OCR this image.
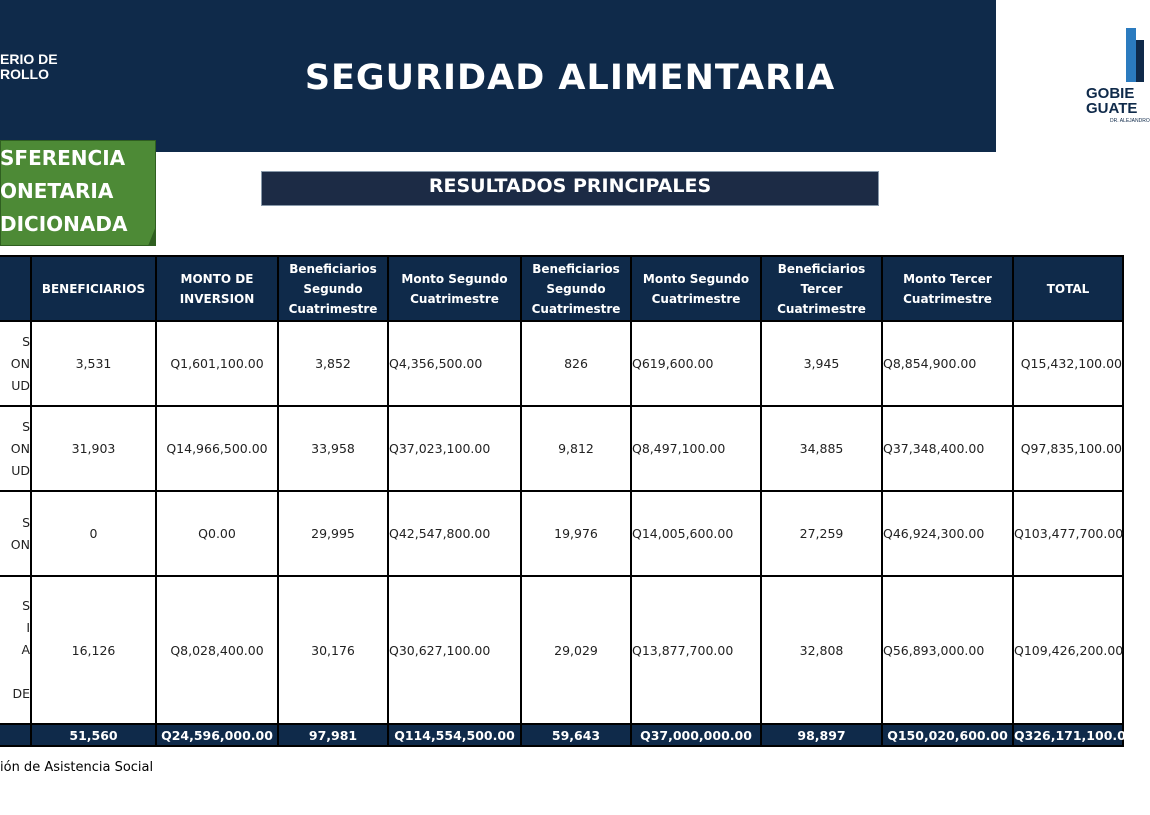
ERIO DE
ROLLO	SEGURIDAD ALIMENTARIA	GOBIE
GUATE
DR. ALEJANDRO
SFERENCIA
ONETARIA
DICIONADA
RESULTADOS PRINCIPALES
	BENEFICIARIOS	MONTO DE INVERSION	Beneficiarios Segundo Cuatrimestre	Monto Segundo Cuatrimestre	Beneficiarios Segundo Cuatrimestre	Monto Segundo Cuatrimestre	Beneficiarios Tercer Cuatrimestre	Monto Tercer Cuatrimestre	TOTAL

S
ON
UD	3,531	Q1,601,100.00	3,852	Q4,356,500.00	826	Q619,600.00	3,945	Q8,854,900.00	Q15,432,100.00

S
ON
UD	31,903	Q14,966,500.00	33,958	Q37,023,100.00	9,812	Q8,497,100.00	34,885	Q37,348,400.00	Q97,835,100.00

S
ON	0	Q0.00	29,995	Q42,547,800.00	19,976	Q14,005,600.00	27,259	Q46,924,300.00	Q103,477,700.00

S
I
A

DE	16,126	Q8,028,400.00	30,176	Q30,627,100.00	29,029	Q13,877,700.00	32,808	Q56,893,000.00	Q109,426,200.00
	51,560	Q24,596,000.00	97,981	Q114,554,500.00	59,643	Q37,000,000.00	98,897	Q150,020,600.00	Q326,171,100.00
ión de Asistencia Social
